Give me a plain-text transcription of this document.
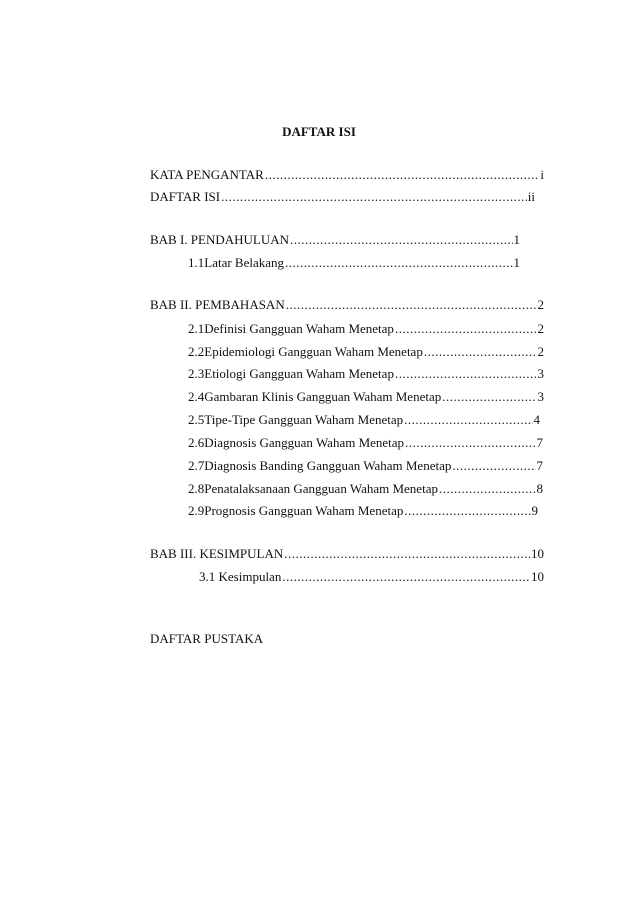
DAFTAR ISI
KATA PENGANTAR .....	i
DAFTAR ISI .....	ii
BAB I. PENDAHULUAN .....	1
1.1 Latar Belakang .....	1
BAB II. PEMBAHASAN .....	2
2.1 Definisi Gangguan Waham Menetap .....	2
2.2 Epidemiologi Gangguan Waham Menetap .....	2
2.3 Etiologi Gangguan Waham Menetap .....	3
2.4 Gambaran Klinis Gangguan Waham Menetap .....	3
2.5 Tipe-Tipe Gangguan Waham Menetap .....	4
2.6 Diagnosis Gangguan Waham Menetap .....	7
2.7 Diagnosis Banding Gangguan Waham Menetap .....	7
2.8 Penatalaksanaan Gangguan Waham Menetap .....	8
2.9 Prognosis Gangguan Waham Menetap .....	9
BAB III. KESIMPULAN .....	10
3.1 Kesimpulan .....	10
DAFTAR PUSTAKA
